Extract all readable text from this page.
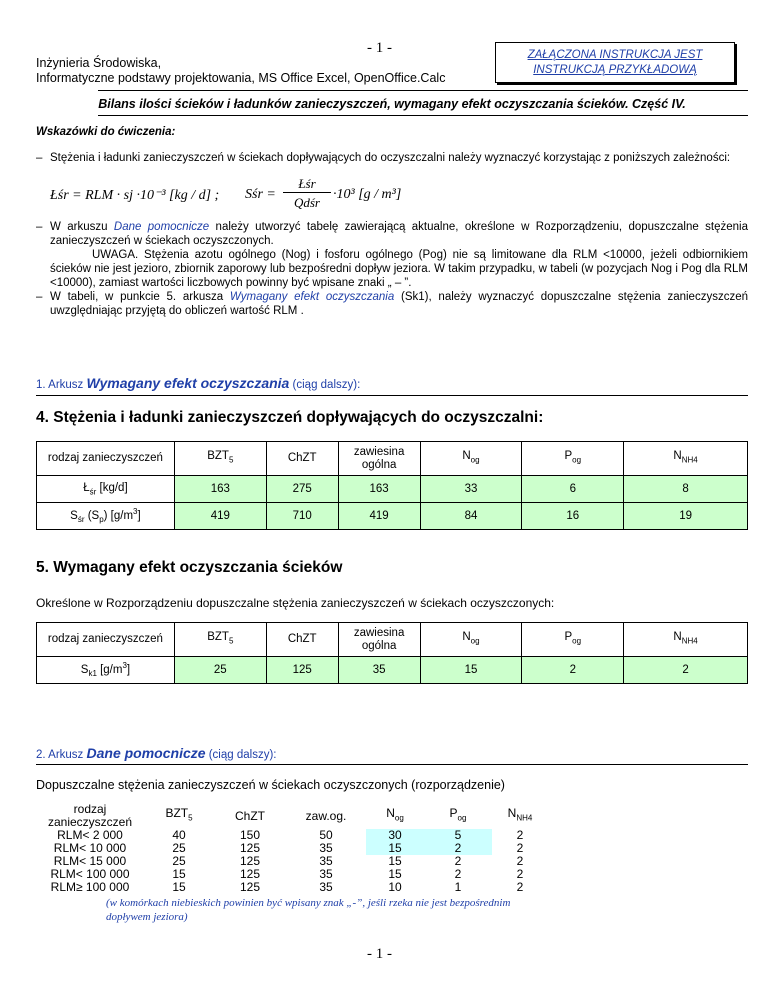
- 1 -
Inżynieria Środowiska,
Informatyczne podstawy projektowania, MS Office Excel, OpenOffice.Calc
ZAŁĄCZONA INSTRUKCJA JEST
INSTRUKCJĄ PRZYKŁADOWĄ
Bilans ilości ścieków i ładunków zanieczyszczeń, wymagany efekt oczyszczania ścieków. Część IV.
Wskazówki do ćwiczenia:
– Stężenia i ładunki zanieczyszczeń w ściekach dopływających do oczyszczalni należy wyznaczyć korzystając z poniższych zależności:
Łśr = RLM · sj ·10⁻³ [kg / d] ; Sśr =
Łśr
Qdśr
·10³ [g / m³]
– W arkuszu Dane pomocnicze należy utworzyć tabelę zawierającą aktualne, określone w Rozporządzeniu, dopuszczalne stężenia zanieczyszczeń w ściekach oczyszczonych.
UWAGA. Stężenia azotu ogólnego (Nog) i fosforu ogólnego (Pog) nie są limitowane dla RLM <10000, jeżeli odbiornikiem ścieków nie jest jezioro, zbiornik zaporowy lub bezpośredni dopływ jeziora. W takim przypadku, w tabeli (w pozycjach Nog i Pog dla RLM <10000), zamiast wartości liczbowych powinny być wpisane znaki „ – ”.
– W tabeli, w punkcie 5. arkusza Wymagany efekt oczyszczania (Sk1), należy wyznaczyć dopuszczalne stężenia zanieczyszczeń uwzględniając przyjętą do obliczeń wartość RLM .
1. Arkusz Wymagany efekt oczyszczania (ciąg dalszy):
4. Stężenia i ładunki zanieczyszczeń dopływających do oczyszczalni:
rodzaj zanieczyszczeń	$BZT_5$	ChZT	zawiesina ogólna	$N_{og}$	$P_{og}$	$N_{NH4}$
$Ł_{śr}$ [kg/d]	163	275	163	33	6	8
$S_{śr}$ $(S_p)$ $[g/m^3]$	419	710	419	84	16	19
5. Wymagany efekt oczyszczania ścieków
Określone w Rozporządzeniu dopuszczalne stężenia zanieczyszczeń w ściekach oczyszczonych:
rodzaj zanieczyszczeń	$BZT_5$	ChZT	zawiesina ogólna	$N_{og}$	$P_{og}$	$N_{NH4}$
$S_{k1}$ $[g/m^3]$	25	125	35	15	2	2
2. Arkusz Dane pomocnicze (ciąg dalszy):
Dopuszczalne stężenia zanieczyszczeń w ściekach oczyszczonych (rozporządzenie)
rodzaj zanieczyszczeń	$BZT_5$	ChZT	zaw.og.	$N_{og}$	$P_{og}$	$N_{NH4}$
RLM< 2 000	40	150	50	30	5	2
RLM< 10 000	25	125	35	15	2	2
RLM< 15 000	25	125	35	15	2	2
RLM< 100 000	15	125	35	15	2	2
RLM≥ 100 000	15	125	35	10	1	2
(w komórkach niebieskich powinien być wpisany znak „-”, jeśli rzeka nie jest bezpośrednim dopływem jeziora)
- 1 -
